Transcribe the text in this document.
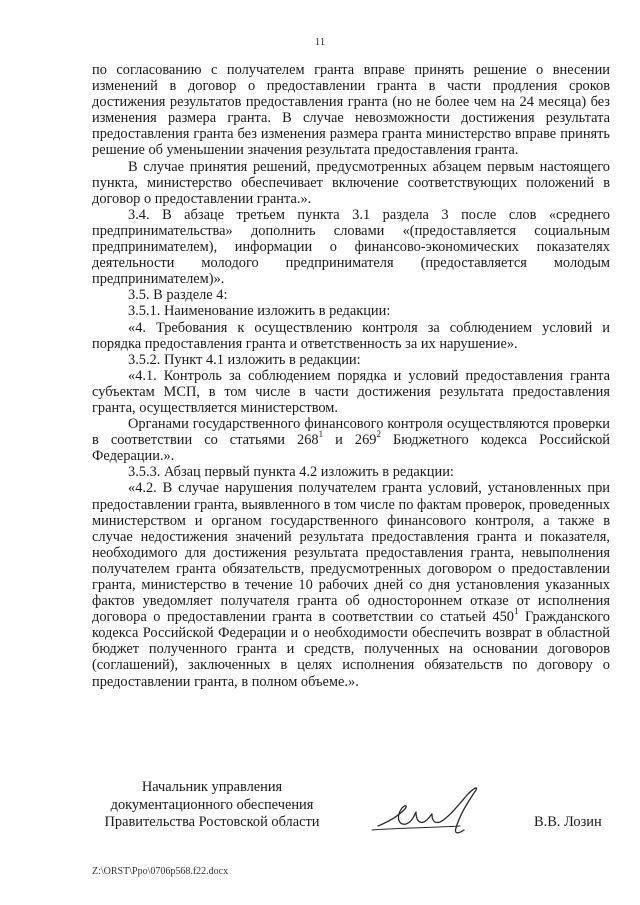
11

по согласованию с получателем гранта вправе принять решение о внесении изменений в договор о предоставлении гранта в части продления сроков достижения результатов предоставления гранта (но не более чем на 24 месяца) без изменения размера гранта. В случае невозможности достижения результата предоставления гранта без изменения размера гранта министерство вправе принять решение об уменьшении значения результата предоставления гранта.

В случае принятия решений, предусмотренных абзацем первым настоящего пункта, министерство обеспечивает включение соответствующих положений в договор о предоставлении гранта.».

3.4. В абзаце третьем пункта 3.1 раздела 3 после слов «среднего предпринимательства» дополнить словами «(предоставляется социальным предпринимателем), информации о финансово-экономических показателях деятельности молодого предпринимателя (предоставляется молодым предпринимателем)».

3.5. В разделе 4:

3.5.1. Наименование изложить в редакции:

«4. Требования к осуществлению контроля за соблюдением условий и порядка предоставления гранта и ответственность за их нарушение».

3.5.2. Пункт 4.1 изложить в редакции:

«4.1. Контроль за соблюдением порядка и условий предоставления гранта субъектам МСП, в том числе в части достижения результата предоставления гранта, осуществляется министерством.

Органами государственного финансового контроля осуществляются проверки в соответствии со статьями $268^1$ и $269^2$ Бюджетного кодекса Российской Федерации.».

3.5.3. Абзац первый пункта 4.2 изложить в редакции:

«4.2. В случае нарушения получателем гранта условий, установленных при предоставлении гранта, выявленного в том числе по фактам проверок, проведенных министерством и органом государственного финансового контроля, а также в случае недостижения значений результата предоставления гранта и показателя, необходимого для достижения результата предоставления гранта, невыполнения получателем гранта обязательств, предусмотренных договором о предоставлении гранта, министерство в течение 10 рабочих дней со дня установления указанных фактов уведомляет получателя гранта об одностороннем отказе от исполнения договора о предоставлении гранта в соответствии со статьей $450^1$ Гражданского кодекса Российской Федерации и о необходимости обеспечить возврат в областной бюджет полученного гранта и средств, полученных на основании договоров (соглашений), заключенных в целях исполнения обязательств по договору о предоставлении гранта, в полном объеме.».

Начальник управления
документационного обеспечения
Правительства Ростовской области	В.В. Лозин
Z:\ORST\Ppo\0706p568.f22.docx
